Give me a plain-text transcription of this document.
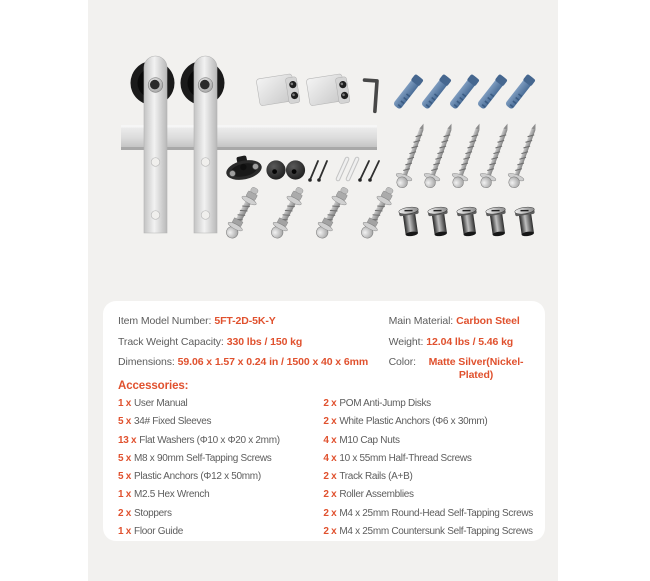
Item Model Number: 5FT-2D-5K-Y
Track Weight Capacity: 330 lbs / 150 kg
Dimensions: 59.06 x 1.57 x 0.24 in / 1500 x 40 x 6mm
Main Material: Carbon Steel
Weight: 12.04 lbs / 5.46 kg
Color: Matte Silver(Nickel-Plated)
Accessories:
1 x User Manual
5 x 34# Fixed Sleeves
13 x Flat Washers (Φ10 x Φ20 x 2mm)
5 x M8 x 90mm Self-Tapping Screws
5 x Plastic Anchors (Φ12 x 50mm)
1 x M2.5 Hex Wrench
2 x Stoppers
1 x Floor Guide
2 x POM Anti-Jump Disks
2 x White Plastic Anchors (Φ6 x 30mm)
4 x M10 Cap Nuts
4 x 10 x 55mm Half-Thread Screws
2 x Track Rails (A+B)
2 x Roller Assemblies
2 x M4 x 25mm Round-Head Self-Tapping Screws
2 x M4 x 25mm Countersunk Self-Tapping Screws
